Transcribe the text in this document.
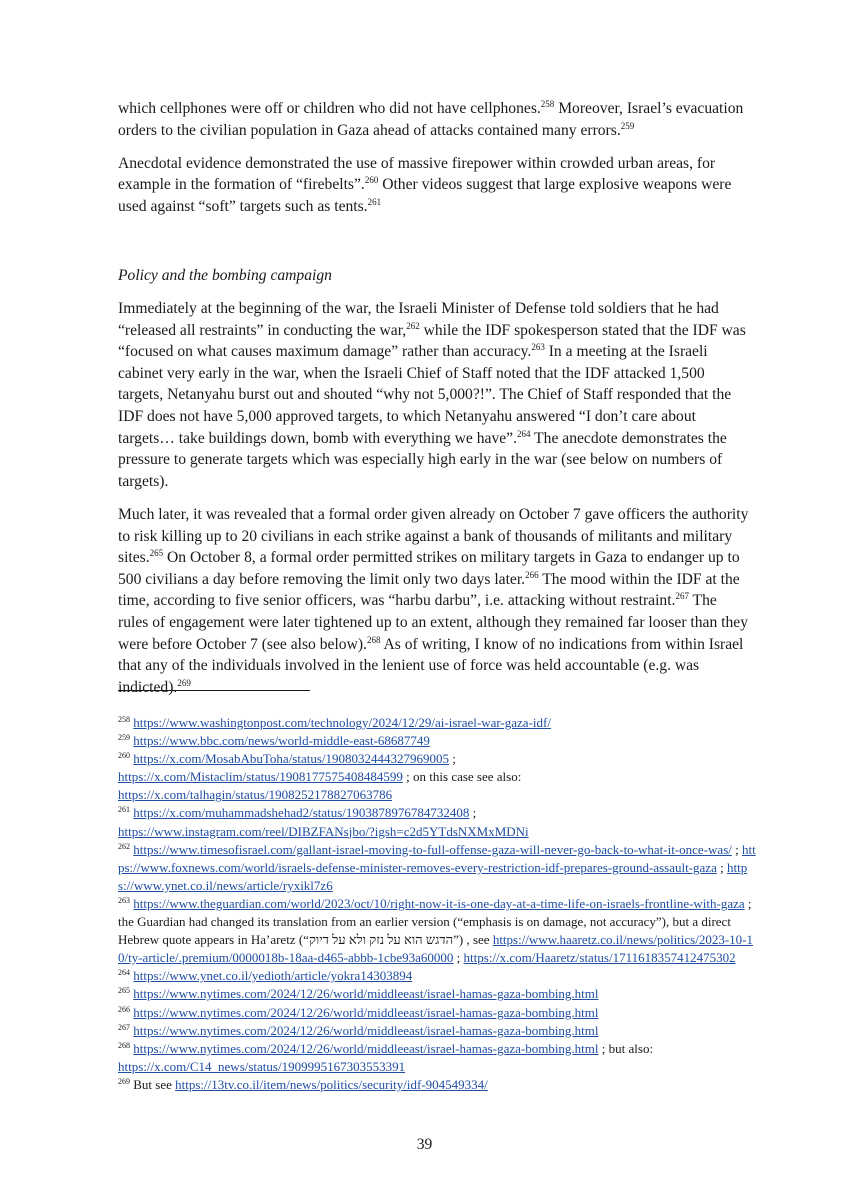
which cellphones were off or children who did not have cellphones.$^{258}$ Moreover, Israel’s evacuation orders to the civilian population in Gaza ahead of attacks contained many errors.$^{259}$

Anecdotal evidence demonstrated the use of massive firepower within crowded urban areas, for example in the formation of “firebelts”.$^{260}$ Other videos suggest that large explosive weapons were used against “soft” targets such as tents.$^{261}$

Policy and the bombing campaign

Immediately at the beginning of the war, the Israeli Minister of Defense told soldiers that he had “released all restraints” in conducting the war,$^{262}$ while the IDF spokesperson stated that the IDF was “focused on what causes maximum damage” rather than accuracy.$^{263}$ In a meeting at the Israeli cabinet very early in the war, when the Israeli Chief of Staff noted that the IDF attacked 1,500 targets, Netanyahu burst out and shouted “why not 5,000?!”. The Chief of Staff responded that the IDF does not have 5,000 approved targets, to which Netanyahu answered “I don’t care about targets… take buildings down, bomb with everything we have”.$^{264}$ The anecdote demonstrates the pressure to generate targets which was especially high early in the war (see below on numbers of targets).

Much later, it was revealed that a formal order given already on October 7 gave officers the authority to risk killing up to 20 civilians in each strike against a bank of thousands of militants and military sites.$^{265}$ On October 8, a formal order permitted strikes on military targets in Gaza to endanger up to 500 civilians a day before removing the limit only two days later.$^{266}$ The mood within the IDF at the time, according to five senior officers, was “harbu darbu”, i.e. attacking without restraint.$^{267}$ The rules of engagement were later tightened up to an extent, although they remained far looser than they were before October 7 (see also below).$^{268}$ As of writing, I know of no indications from within Israel that any of the individuals involved in the lenient use of force was held accountable (e.g. was indicted).$^{269}$

$^{258}$ https://www.washingtonpost.com/technology/2024/12/29/ai-israel-war-gaza-idf/

$^{259}$ https://www.bbc.com/news/world-middle-east-68687749

$^{260}$ https://x.com/MosabAbuToha/status/1908032444327969005 ;
https://x.com/Mistaclim/status/1908177575408484599 ; on this case see also:
https://x.com/talhagin/status/1908252178827063786

$^{261}$ https://x.com/muhammadshehad2/status/1903878976784732408 ;
https://www.instagram.com/reel/DIBZFANsjbo/?igsh=c2d5YTdsNXMxMDNi

$^{262}$ https://www.timesofisrael.com/gallant-israel-moving-to-full-offense-gaza-will-never-go-back-to-what-it-once-was/ ; https://www.foxnews.com/world/israels-defense-minister-removes-every-restriction-idf-prepares-ground-assault-gaza ; https://www.ynet.co.il/news/article/ryxikl7z6

$^{263}$ https://www.theguardian.com/world/2023/oct/10/right-now-it-is-one-day-at-a-time-life-on-israels-frontline-with-gaza ; the Guardian had changed its translation from an earlier version (“emphasis is on damage, not accuracy”), but a direct Hebrew quote appears in Ha’aretz (“הדגש הוא על נזק ולא על דיוק”) , see https://www.haaretz.co.il/news/politics/2023-10-10/ty-article/.premium/0000018b-18aa-d465-abbb-1cbe93a60000 ; https://x.com/Haaretz/status/1711618357412475302

$^{264}$ https://www.ynet.co.il/yedioth/article/yokra14303894

$^{265}$ https://www.nytimes.com/2024/12/26/world/middleeast/israel-hamas-gaza-bombing.html

$^{266}$ https://www.nytimes.com/2024/12/26/world/middleeast/israel-hamas-gaza-bombing.html

$^{267}$ https://www.nytimes.com/2024/12/26/world/middleeast/israel-hamas-gaza-bombing.html

$^{268}$ https://www.nytimes.com/2024/12/26/world/middleeast/israel-hamas-gaza-bombing.html ; but also:
https://x.com/C14_news/status/1909995167303553391

$^{269}$ But see https://13tv.co.il/item/news/politics/security/idf-904549334/

39
